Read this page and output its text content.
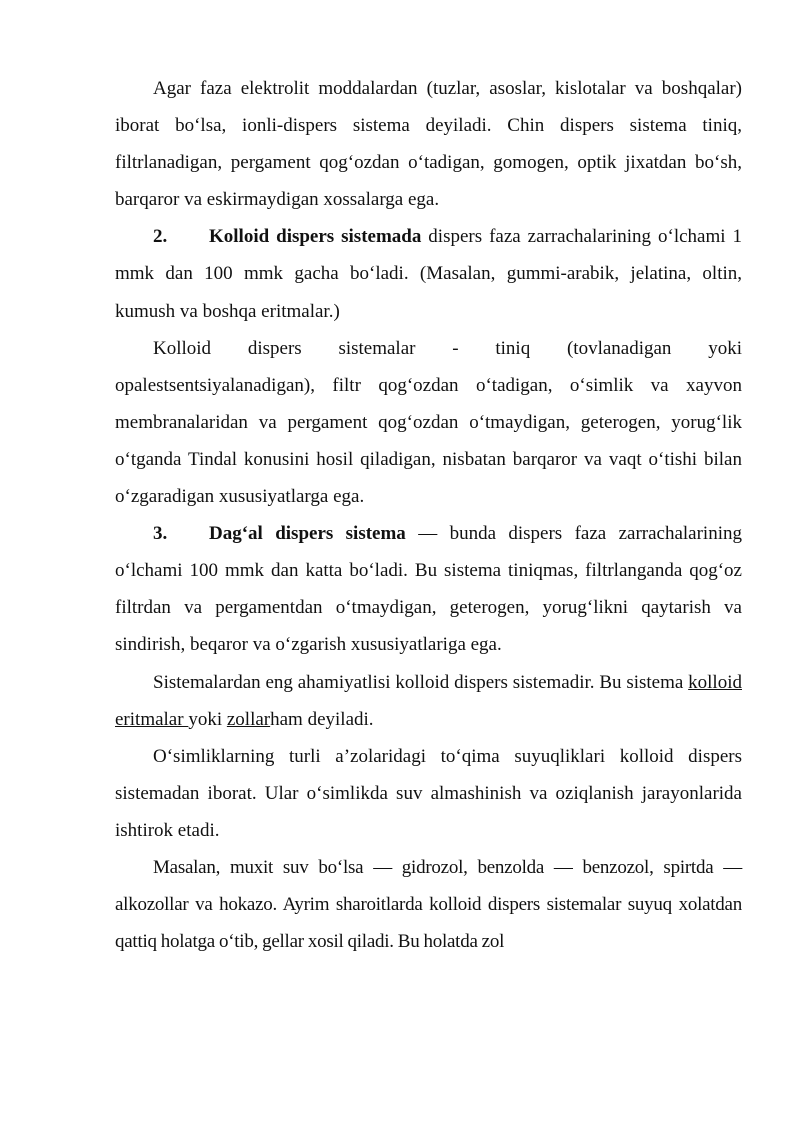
Agar faza elektrolit moddalardan (tuzlar, asoslar, kislotalar va boshqalar) iborat boʻlsa, ionli-dispers sistema deyiladi. Chin dispers sistema tiniq, filtrlanadigan, pergament qogʻozdan oʻtadigan, gomogen, optik jixatdan boʻsh, barqaror va eskirmaydigan xossalarga ega.

2. Kolloid dispers sistemada dispers faza zarrachalarining oʻlchami 1 mmk dan 100 mmk gacha boʻladi. (Masalan, gummi-arabik, jelatina, oltin, kumush va boshqa eritmalar.)

Kolloid dispers sistemalar - tiniq (tovlanadigan yoki opalestsentsiyalanadigan), filtr qogʻozdan oʻtadigan, oʻsimlik va xayvon membranalaridan va pergament qogʻozdan oʻtmaydigan, geterogen, yorugʻlik oʻtganda Tindal konusini hosil qiladigan, nisbatan barqaror va vaqt oʻtishi bilan oʻzgaradigan xususiyatlarga ega.

3. Dagʻal dispers sistema — bunda dispers faza zarrachalarining oʻlchami 100 mmk dan katta boʻladi. Bu sistema tiniqmas, filtrlanganda qogʻoz filtrdan va pergamentdan oʻtmaydigan, geterogen, yorugʻlikni qaytarish va sindirish, beqaror va oʻzgarish xususiyatlariga ega.

Sistemalardan eng ahamiyatlisi kolloid dispers sistemadir. Bu sistema kolloid eritmalar yoki zollarham deyiladi.

Oʻsimliklarning turli a’zolaridagi toʻqima suyuqliklari kolloid dispers sistemadan iborat. Ular oʻsimlikda suv almashinish va oziqlanish jarayonlarida ishtirok etadi.

Masalan, muxit suv boʻlsa — gidrozol, benzolda — benzozol, spirtda — alkozollar va hokazo. Ayrim sharoitlarda kolloid dispers sistemalar suyuq xolatdan qattiq holatga oʻtib, gellar xosil qiladi. Bu holatda zol
